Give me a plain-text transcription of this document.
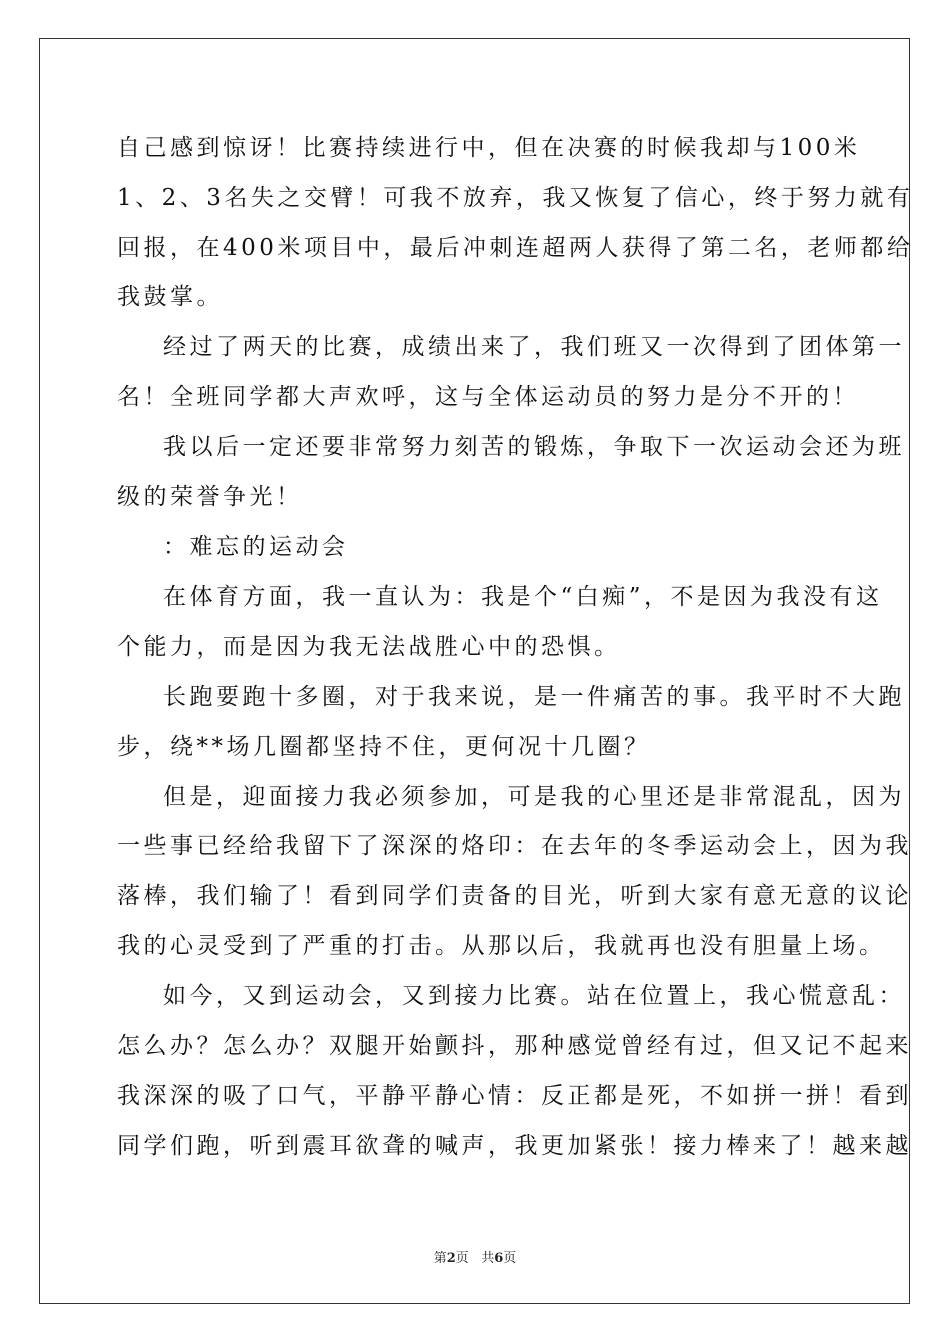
自己感到惊讶！比赛持续进行中，但在决赛的时候我却与100米
1、2、3名失之交臂！可我不放弃，我又恢复了信心，终于努力就有
回报，在400米项目中，最后冲刺连超两人获得了第二名，老师都给
我鼓掌。
经过了两天的比赛，成绩出来了，我们班又一次得到了团体第一
名！全班同学都大声欢呼，这与全体运动员的努力是分不开的！
我以后一定还要非常努力刻苦的锻炼，争取下一次运动会还为班
级的荣誉争光！
：难忘的运动会
在体育方面，我一直认为：我是个“白痴”，不是因为我没有这
个能力，而是因为我无法战胜心中的恐惧。
长跑要跑十多圈，对于我来说，是一件痛苦的事。我平时不大跑
步，绕**场几圈都坚持不住，更何况十几圈？
但是，迎面接力我必须参加，可是我的心里还是非常混乱，因为
一些事已经给我留下了深深的烙印：在去年的冬季运动会上，因为我
落棒，我们输了！看到同学们责备的目光，听到大家有意无意的议论
我的心灵受到了严重的打击。从那以后，我就再也没有胆量上场。
如今，又到运动会，又到接力比赛。站在位置上，我心慌意乱：
怎么办？怎么办？双腿开始颤抖，那种感觉曾经有过，但又记不起来
我深深的吸了口气，平静平静心情：反正都是死，不如拼一拼！看到
同学们跑，听到震耳欲聋的喊声，我更加紧张！接力棒来了！越来越
第2页 共6页
